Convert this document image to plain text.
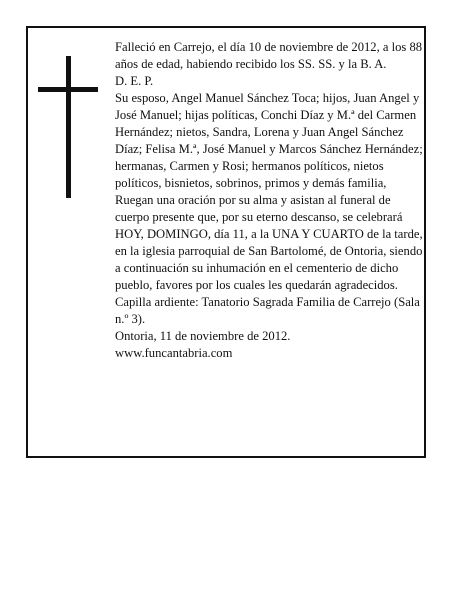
Falleció en Carrejo, el día 10 de noviembre de 2012, a los 88 años de edad, habiendo recibido los SS. SS. y la B. A.

D. E. P.

Su esposo, Angel Manuel Sánchez Toca; hijos, Juan Angel y José Manuel; hijas políticas, Conchi Díaz y M.ª del Carmen Hernández; nietos, Sandra, Lorena y Juan Angel Sánchez Díaz; Felisa M.ª, José Manuel y Marcos Sánchez Hernández; hermanas, Carmen y Rosi; hermanos políticos, nietos políticos, bisnietos, sobrinos, primos y demás familia,

Ruegan una oración por su alma y asistan al funeral de cuerpo presente que, por su eterno descanso, se celebrará HOY, DOMINGO, día 11, a la UNA Y CUARTO de la tarde, en la iglesia parroquial de San Bartolomé, de Ontoria, siendo a continuación su inhumación en el cementerio de dicho pueblo, favores por los cuales les quedarán agradecidos. Capilla ardiente: Tanatorio Sagrada Familia de Carrejo (Sala n.º 3).

Ontoria, 11 de noviembre de 2012.

www.funcantabria.com
